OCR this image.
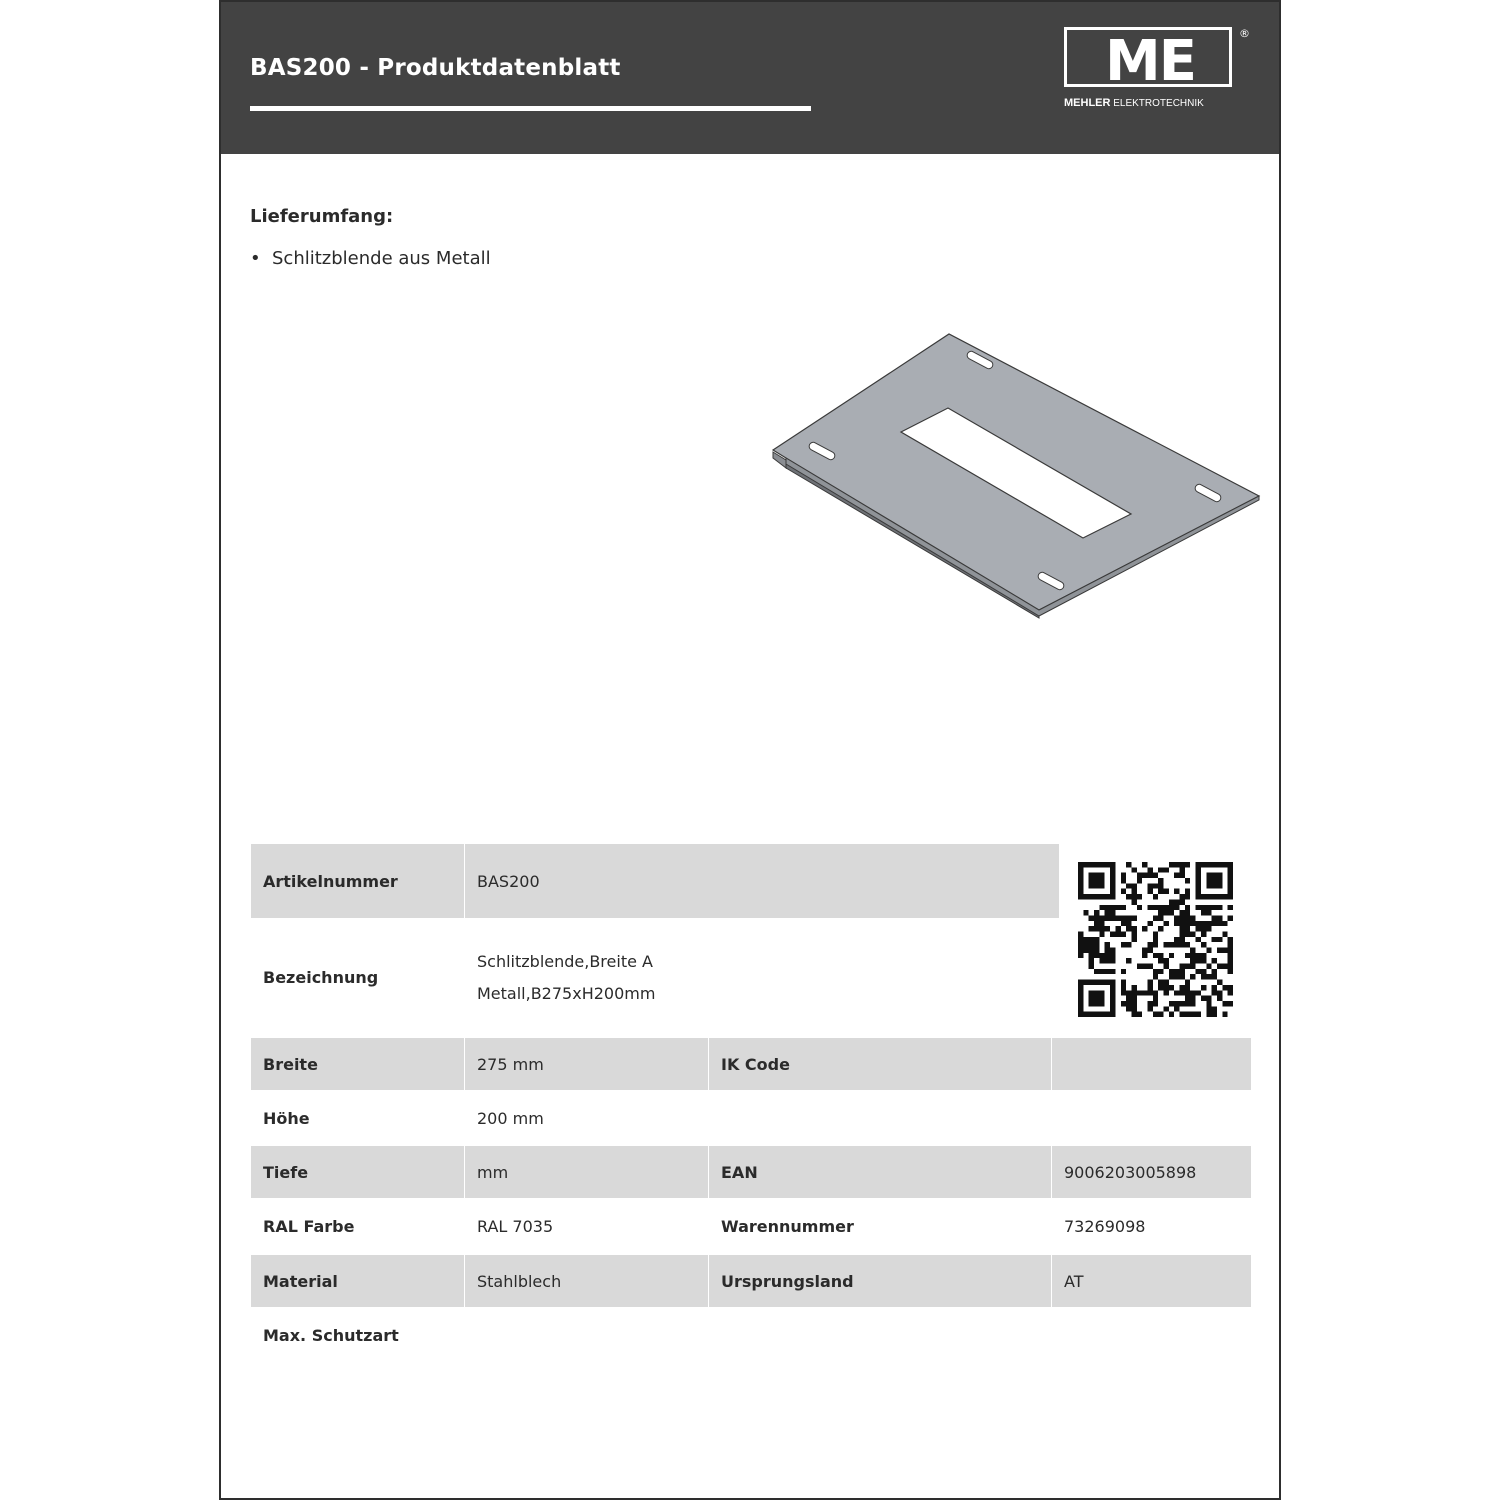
BAS200 - Produktdatenblatt	ME	®
MEHLER ELEKTROTECHNIK
Lieferumfang:
• Schlitzblende aus Metall
Artikelnummer	BAS200
Bezeichnung
Schlitzblende,Breite A
Metall,B275xH200mm
Breite	275 mm	IK Code
Höhe	200 mm
Tiefe	mm	EAN	9006203005898
RAL Farbe	RAL 7035	Warennummer	73269098
Material	Stahlblech	Ursprungsland	AT
Max. Schutzart
